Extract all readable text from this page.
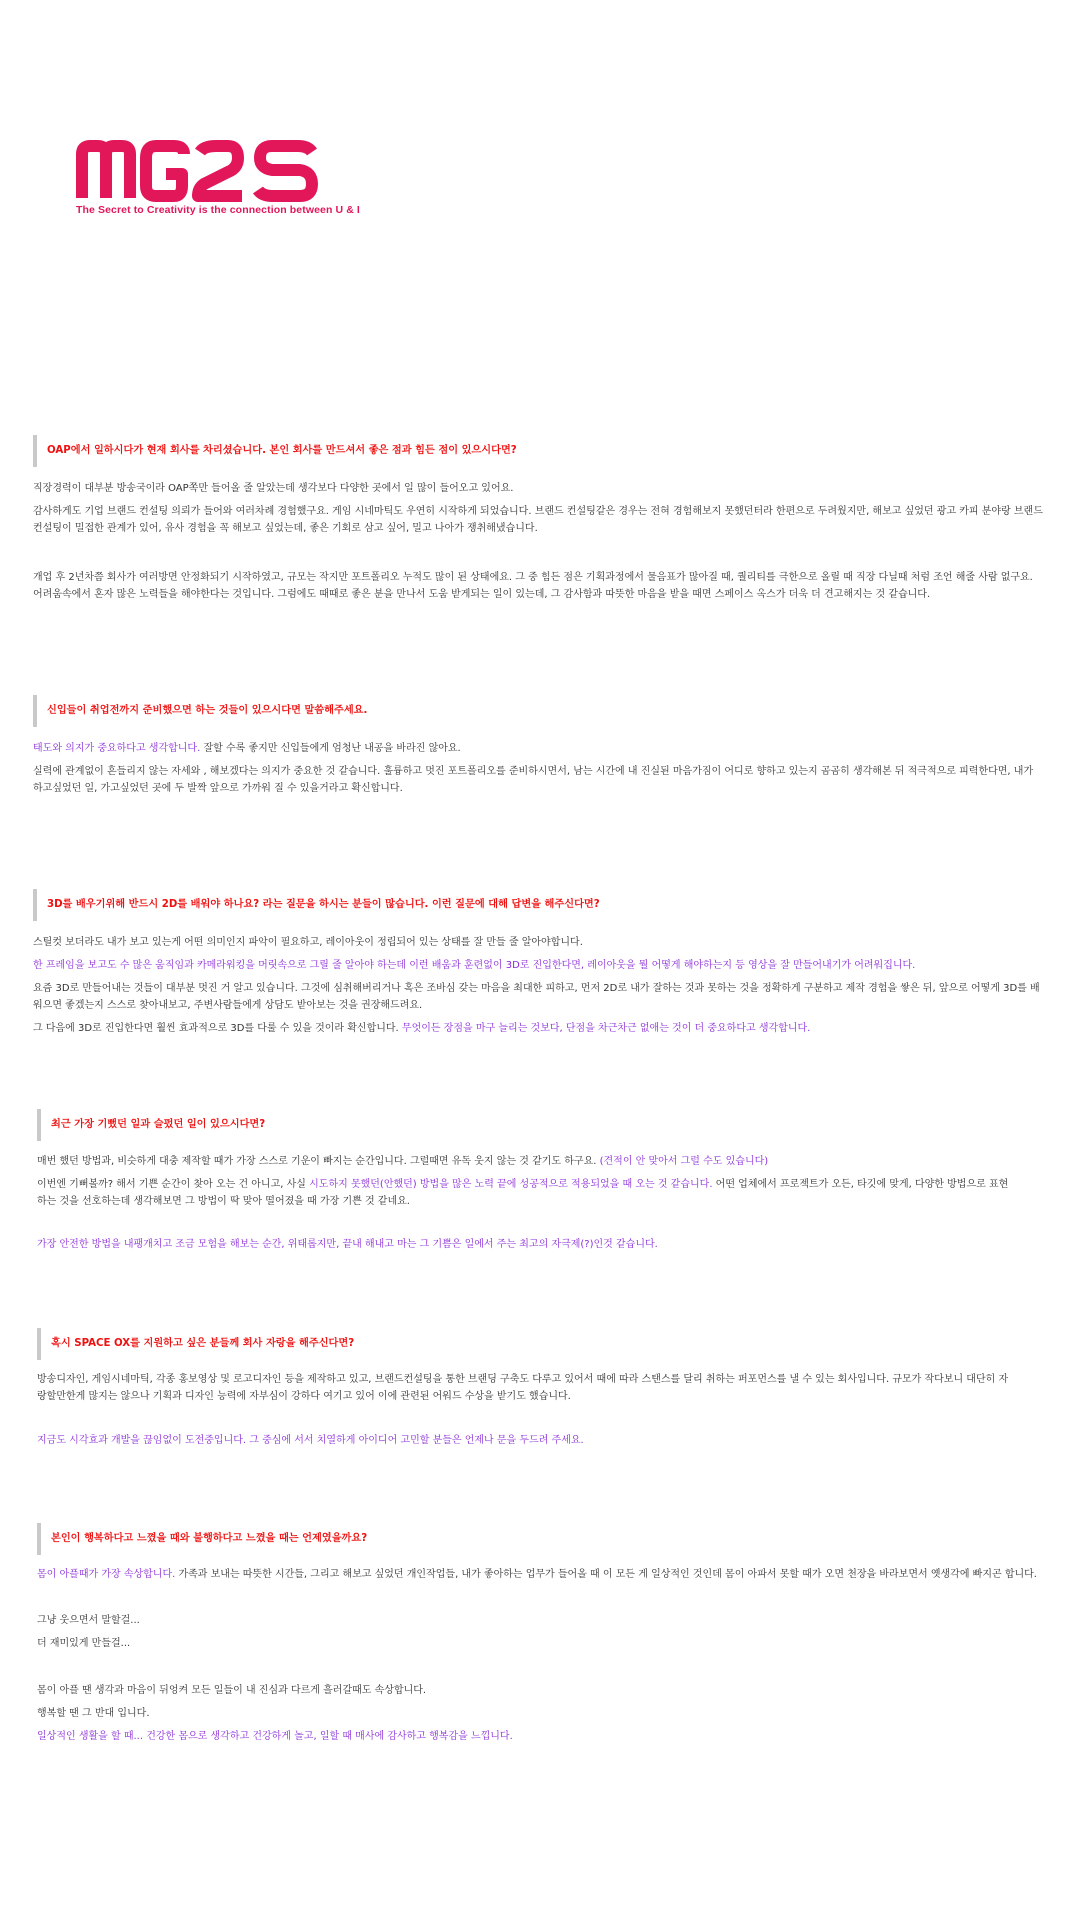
The Secret to Creativity is the connection between U & I
OAP에서 일하시다가 현재 회사를 차리셨습니다. 본인 회사를 만드셔서 좋은 점과 힘든 점이 있으시다면?

직장경력이 대부분 방송국이라 OAP쪽만 들어올 줄 알았는데 생각보다 다양한 곳에서 일 많이 들어오고 있어요.

감사하게도 기업 브랜드 컨설팅 의뢰가 들어와 여러차례 경험했구요. 게임 시네마틱도 우연히 시작하게 되었습니다. 브랜드 컨설팅같은 경우는 전혀 경험해보지 못했던터라 한편으로 두려웠지만, 해보고 싶었던 광고 카피 분야랑 브랜드 컨설팅이 밀접한 관계가 있어, 유사 경험을 꼭 해보고 싶었는데, 좋은 기회로 삼고 싶어, 밀고 나아가 쟁취해냈습니다.

개업 후 2년차쯤 회사가 여러방면 안정화되기 시작하였고, 규모는 작지만 포트폴리오 누적도 많이 된 상태에요. 그 중 힘든 점은 기획과정에서 물음표가 많아질 때, 퀄리티를 극한으로 올릴 때 직장 다닐때 처럼 조언 해줄 사람 없구요. 어려움속에서 혼자 많은 노력들을 해야한다는 것입니다. 그럼에도 때때로 좋은 분을 만나서 도움 받게되는 일이 있는데, 그 감사함과 따뜻한 마음을 받을 때면 스페이스 옥스가 더욱 더 견고해지는 것 같습니다.

신입들이 취업전까지 준비했으면 하는 것들이 있으시다면 말씀해주세요.

태도와 의지가 중요하다고 생각합니다. 잘할 수록 좋지만 신입들에게 엄청난 내공을 바라진 않아요.

실력에 관계없이 흔들리지 않는 자세와 , 해보겠다는 의지가 중요한 것 같습니다. 훌륭하고 멋진 포트폴리오를 준비하시면서, 남는 시간에 내 진실된 마음가짐이 어디로 향하고 있는지 곰곰히 생각해본 뒤 적극적으로 피력한다면, 내가 하고싶었던 일, 가고싶었던 곳에 두 발짝 앞으로 가까워 질 수 있을거라고 확신합니다.

3D를 배우기위해 반드시 2D를 배워야 하나요? 라는 질문을 하시는 분들이 많습니다. 이런 질문에 대해 답변을 해주신다면?

스틸컷 보더라도 내가 보고 있는게 어떤 의미인지 파악이 필요하고, 레이아웃이 정립되어 있는 상태를 잘 만들 줄 알아야합니다.

한 프레임을 보고도 수 많은 움직임과 카메라워킹을 머릿속으로 그릴 줄 알아야 하는데 이런 배움과 훈련없이 3D로 진입한다면, 레이아웃을 뭘 어떻게 해야하는지 등 영상을 잘 만들어내기가 어려워집니다.

요즘 3D로 만들어내는 것들이 대부분 멋진 거 알고 있습니다. 그것에 심취해버리거나 혹은 조바심 갖는 마음을 최대한 피하고, 먼저 2D로 내가 잘하는 것과 못하는 것을 정확하게 구분하고 제작 경험을 쌓은 뒤, 앞으로 어떻게 3D를 배워으면 좋겠는지 스스로 찾아내보고, 주변사람들에게 상담도 받아보는 것을 권장해드려요.

그 다음에 3D로 진입한다면 훨씬 효과적으로 3D를 다룰 수 있을 것이라 확신합니다. 무엇이든 장점을 마구 늘리는 것보다, 단점을 차근차근 없애는 것이 더 중요하다고 생각합니다.

최근 가장 기뻤던 일과 슬펐던 일이 있으시다면?

매번 했던 방법과, 비슷하게 대충 제작할 때가 가장 스스로 기운이 빠지는 순간입니다. 그럴때면 유독 웃지 않는 것 같기도 하구요. (견적이 안 맞아서 그럴 수도 있습니다)

이번엔 기뻐볼까? 해서 기쁜 순간이 찾아 오는 건 아니고, 사실 시도하지 못했던(안했던) 방법을 많은 노력 끝에 성공적으로 적용되었을 때 오는 것 같습니다. 어떤 업체에서 프로젝트가 오든, 타깃에 맞게, 다양한 방법으로 표현하는 것을 선호하는데 생각해보면 그 방법이 딱 맞아 떨어졌을 때 가장 기쁜 것 같네요.

가장 안전한 방법을 내팽개치고 조금 모험을 해보는 순간, 위태롭지만, 끝내 해내고 마는 그 기쁨은 일에서 주는 최고의 자극제(?)인것 같습니다.

혹시 SPACE OX를 지원하고 싶은 분들께 회사 자랑을 해주신다면?

방송디자인, 게임시네마틱, 각종 홍보영상 및 로고디자인 등을 제작하고 있고, 브랜드컨설팅을 통한 브랜딩 구축도 다루고 있어서 때에 따라 스탠스를 달리 취하는 퍼포먼스를 낼 수 있는 회사입니다. 규모가 작다보니 대단히 자랑할만한게 많지는 않으나 기획과 디자인 능력에 자부심이 강하다 여기고 있어 이에 관련된 어워드 수상을 받기도 했습니다.

지금도 시각효과 개발을 끊임없이 도전중입니다. 그 중심에 서서 치열하게 아이디어 고민할 분들은 언제나 문을 두드려 주세요.

본인이 행복하다고 느꼈을 때와 불행하다고 느꼈을 때는 언제였을까요?

몸이 아플때가 가장 속상합니다. 가족과 보내는 따뜻한 시간들, 그리고 해보고 싶었던 개인작업들, 내가 좋아하는 업무가 들어올 때 이 모든 게 일상적인 것인데 몸이 아파서 못할 때가 오면 천장을 바라보면서 옛생각에 빠지곤 합니다.

그냥 웃으면서 말할걸...

더 재미있게 만들걸...

몸이 아플 땐 생각과 마음이 뒤엉켜 모든 일들이 내 진심과 다르게 흘러갈때도 속상합니다.

행복할 땐 그 반대 입니다.

일상적인 생활을 할 때... 건강한 몸으로 생각하고 건강하게 놀고, 일할 때 매사에 감사하고 행복감을 느낍니다.
